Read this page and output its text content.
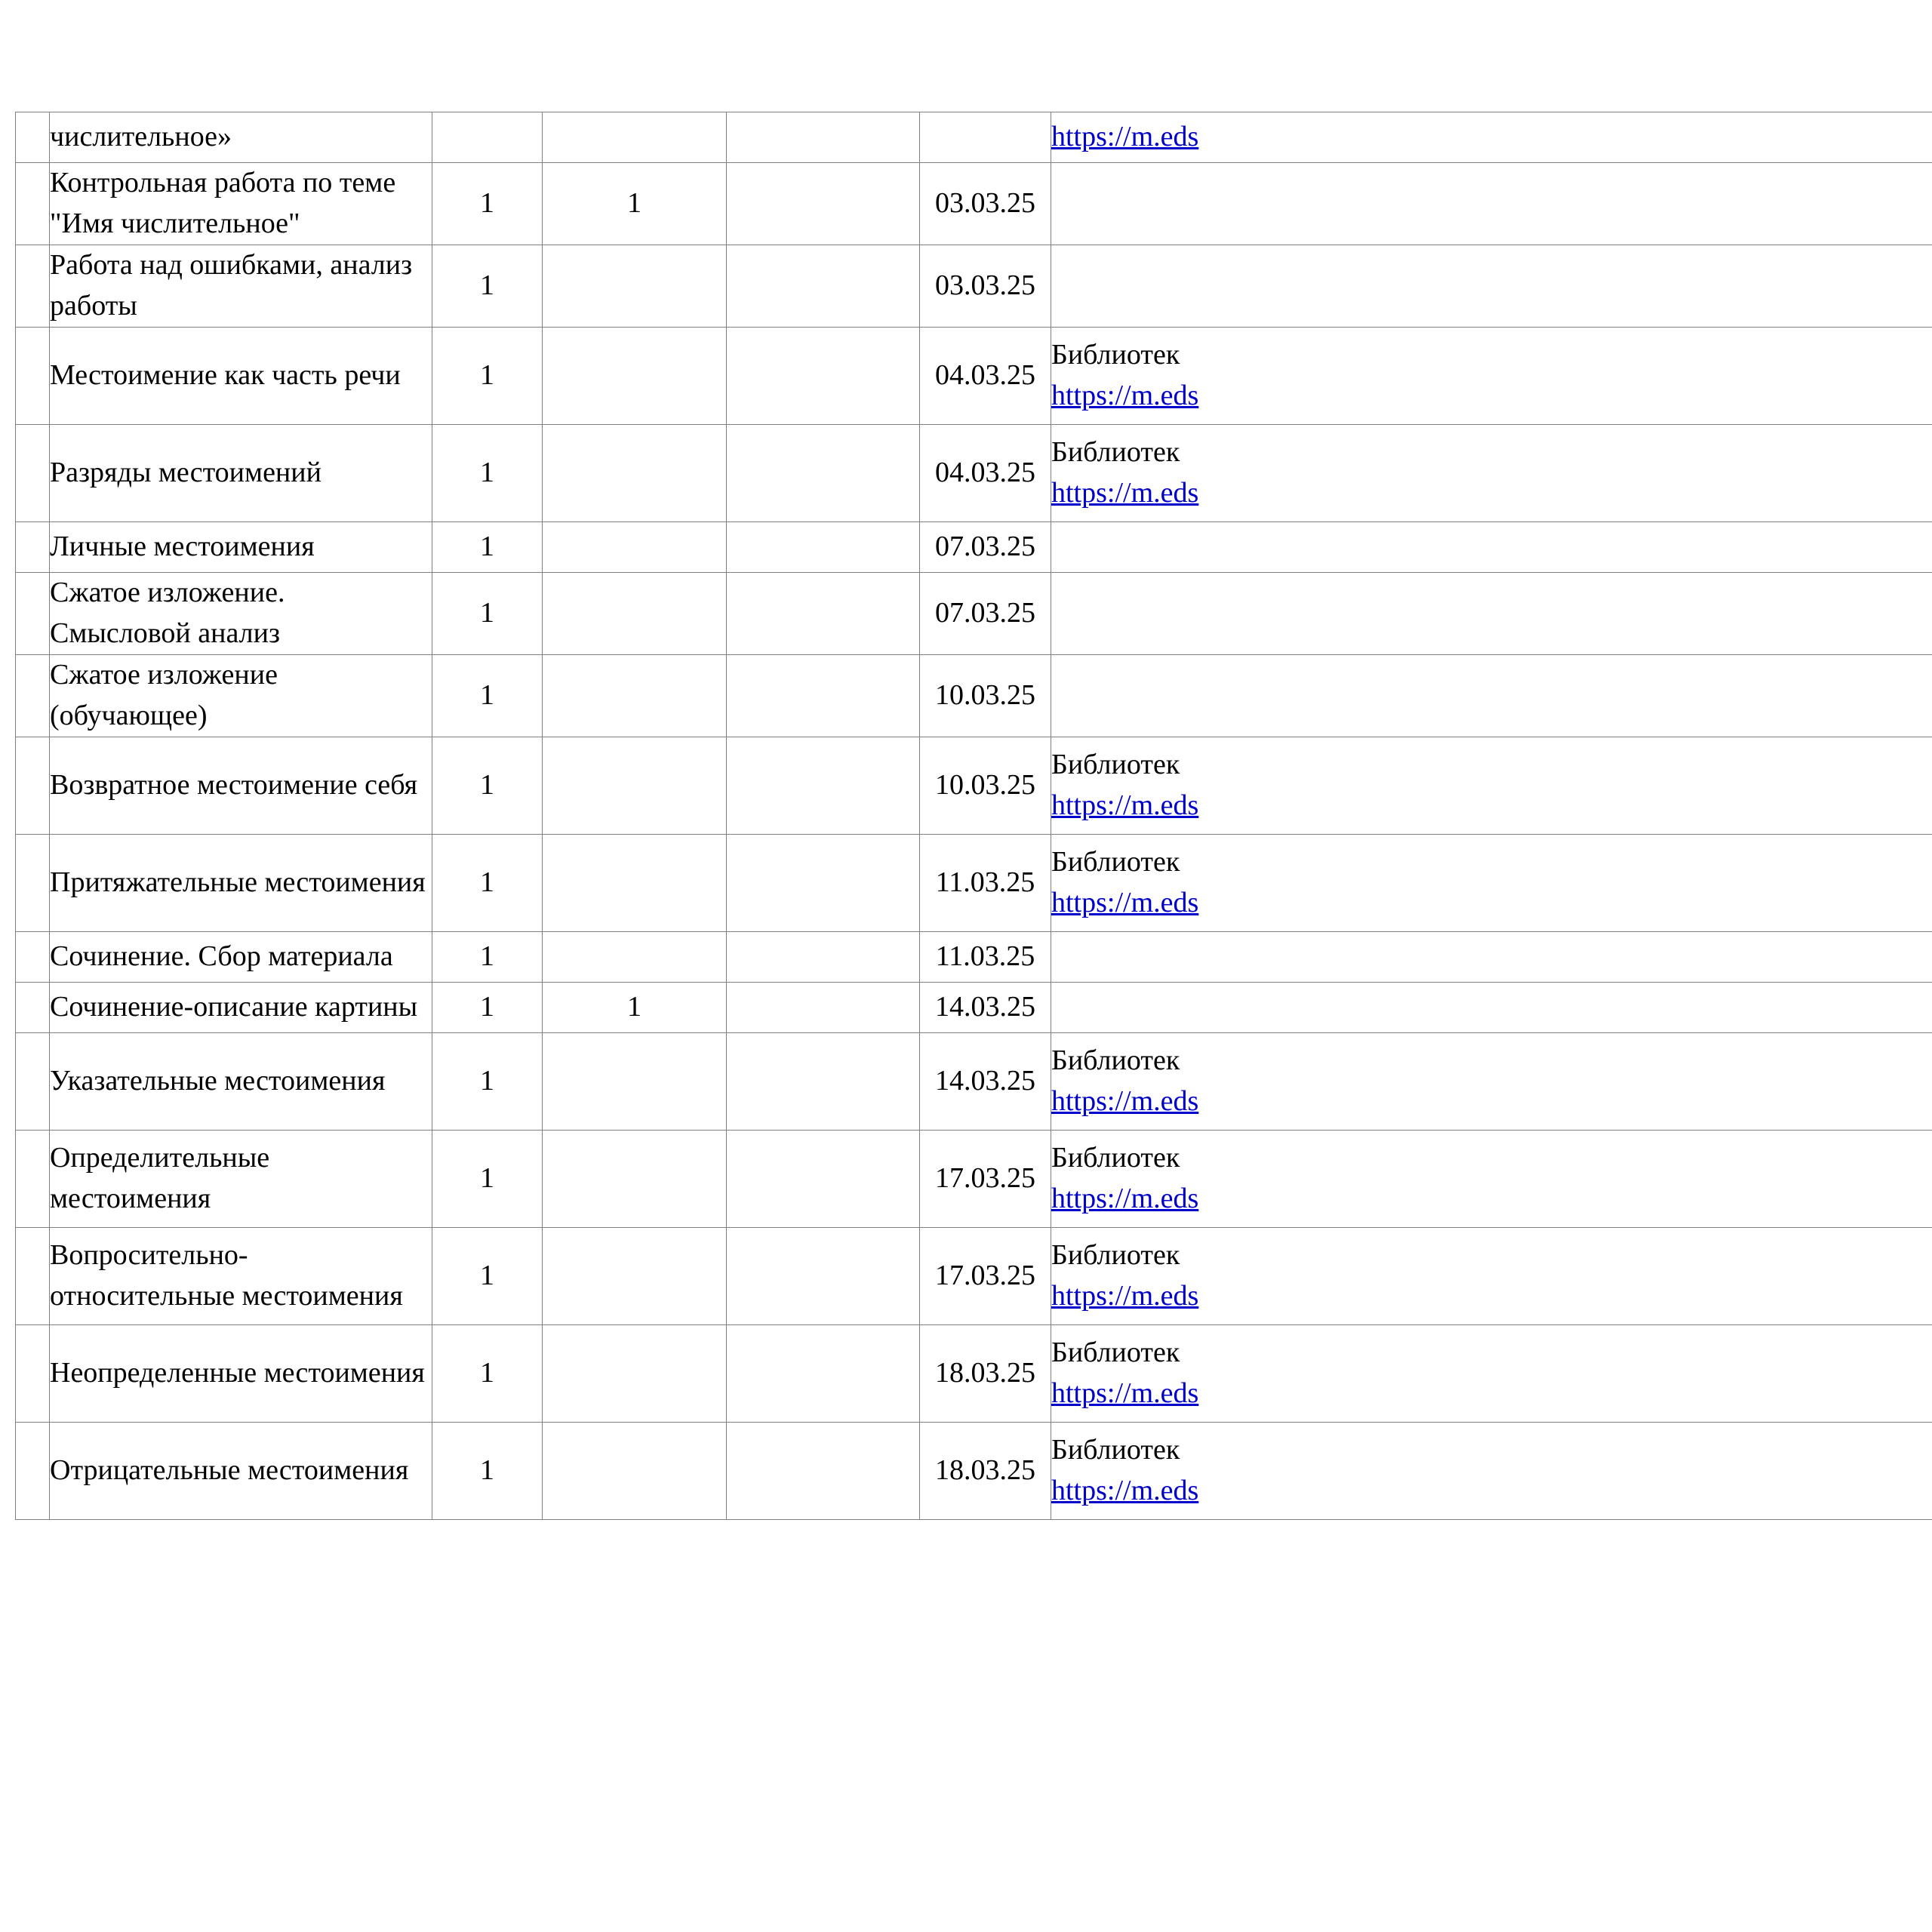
	числительное»					https://m.eds

	Контрольная работа по теме "Имя числительное"	1	1		03.03.25	
	Работа над ошибками, анализ работы	1			03.03.25	
	Местоимение как часть речи	1			04.03.25	Библиотек
https://m.eds

	Разряды местоимений	1			04.03.25	Библиотек
https://m.eds

	Личные местоимения	1			07.03.25	
	Сжатое изложение. Смысловой анализ	1			07.03.25	
	Сжатое изложение (обучающее)	1			10.03.25	
	Возвратное местоимение себя	1			10.03.25	Библиотек
https://m.eds

	Притяжательные местоимения	1			11.03.25	Библиотек
https://m.eds

	Сочинение. Сбор материала	1			11.03.25	
	Сочинение-описание картины	1	1		14.03.25	
	Указательные местоимения	1			14.03.25	Библиотек
https://m.eds

	Определительные местоимения	1			17.03.25	Библиотек
https://m.eds

	Вопросительно-относительные местоимения	1			17.03.25	Библиотек
https://m.eds

	Неопределенные местоимения	1			18.03.25	Библиотек
https://m.eds

	Отрицательные местоимения	1			18.03.25	Библиотек
https://m.eds
